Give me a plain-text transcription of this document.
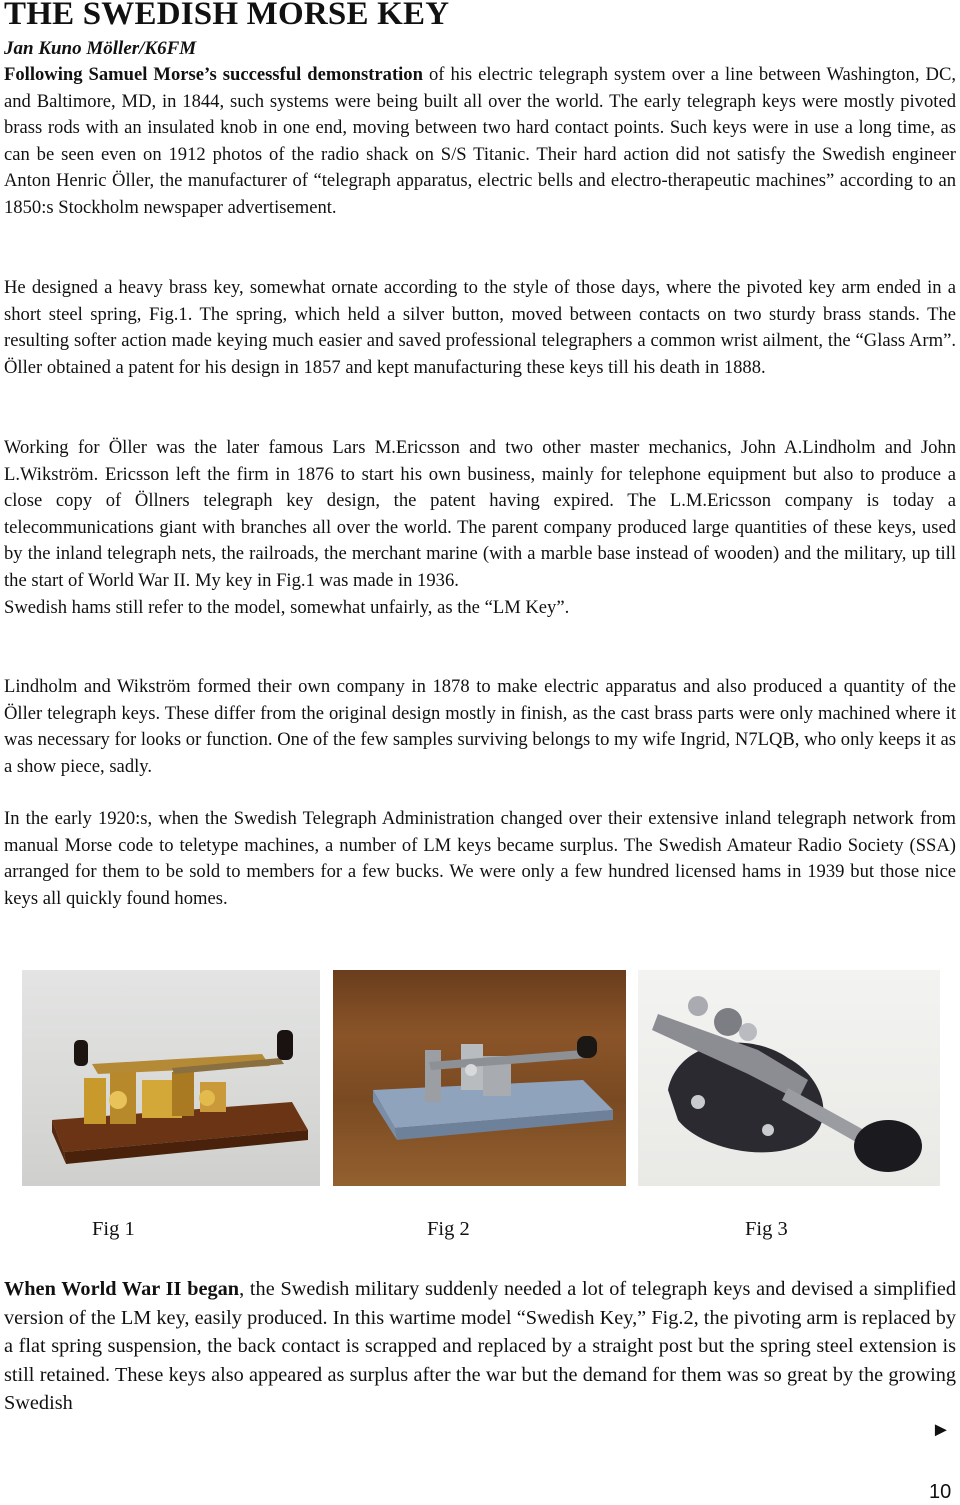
THE SWEDISH MORSE KEY

Jan Kuno Möller/K6FM

Following Samuel Morse’s successful demonstration of his electric telegraph system over a line between Washington, DC, and Baltimore, MD, in 1844, such systems were being built all over the world. The early telegraph keys were mostly pivoted brass rods with an insulated knob in one end, moving between two hard contact points. Such keys were in use a long time, as can be seen even on 1912 photos of the radio shack on S/S Titanic. Their hard action did not satisfy the Swedish engineer Anton Henric Öller, the manufacturer of “telegraph apparatus, electric bells and electro-therapeutic machines” according to an 1850:s Stockholm newspaper advertisement.

He designed a heavy brass key, somewhat ornate according to the style of those days, where the pivoted key arm ended in a short steel spring, Fig.1. The spring, which held a silver button, moved between contacts on two sturdy brass stands. The resulting softer action made keying much easier and saved professional telegraphers a common wrist ailment, the “Glass Arm”. Öller obtained a patent for his design in 1857 and kept manufacturing these keys till his death in 1888.

Working for Öller was the later famous Lars M.Ericsson and two other master mechanics, John A.Lindholm and John L.Wikström. Ericsson left the firm in 1876 to start his own business, mainly for telephone equipment but also to produce a close copy of Öllners telegraph key design, the patent having expired. The L.M.Ericsson company is today a telecommunications giant with branches all over the world. The parent company produced large quantities of these keys, used by the inland telegraph nets, the railroads, the merchant marine (with a marble base instead of wooden) and the military, up till the start of World War II. My key in Fig.1 was made in 1936.
Swedish hams still refer to the model, somewhat unfairly, as the “LM Key”.

Lindholm and Wikström formed their own company in 1878 to make electric apparatus and also produced a quantity of the Öller telegraph keys. These differ from the original design mostly in finish, as the cast brass parts were only machined where it was necessary for looks or function. One of the few samples surviving belongs to my wife Ingrid, N7LQB, who only keeps it as a show piece, sadly.

In the early 1920:s, when the Swedish Telegraph Administration changed over their extensive inland telegraph network from manual Morse code to teletype machines, a number of LM keys became surplus. The Swedish Amateur Radio Society (SSA) arranged for them to be sold to members for a few bucks. We were only a few hundred licensed hams in 1939 but those nice keys all quickly found homes.

Fig 1	Fig 2	Fig 3

When World War II began, the Swedish military suddenly needed a lot of telegraph keys and devised a simplified version of the LM key, easily produced. In this wartime model “Swedish Key,” Fig.2, the pivoting arm is replaced by a flat spring suspension, the back contact is scrapped and replaced by a straight post but the spring steel extension is still retained. These keys also appeared as surplus after the war but the demand for them was so great by the growing Swedish

►
10
